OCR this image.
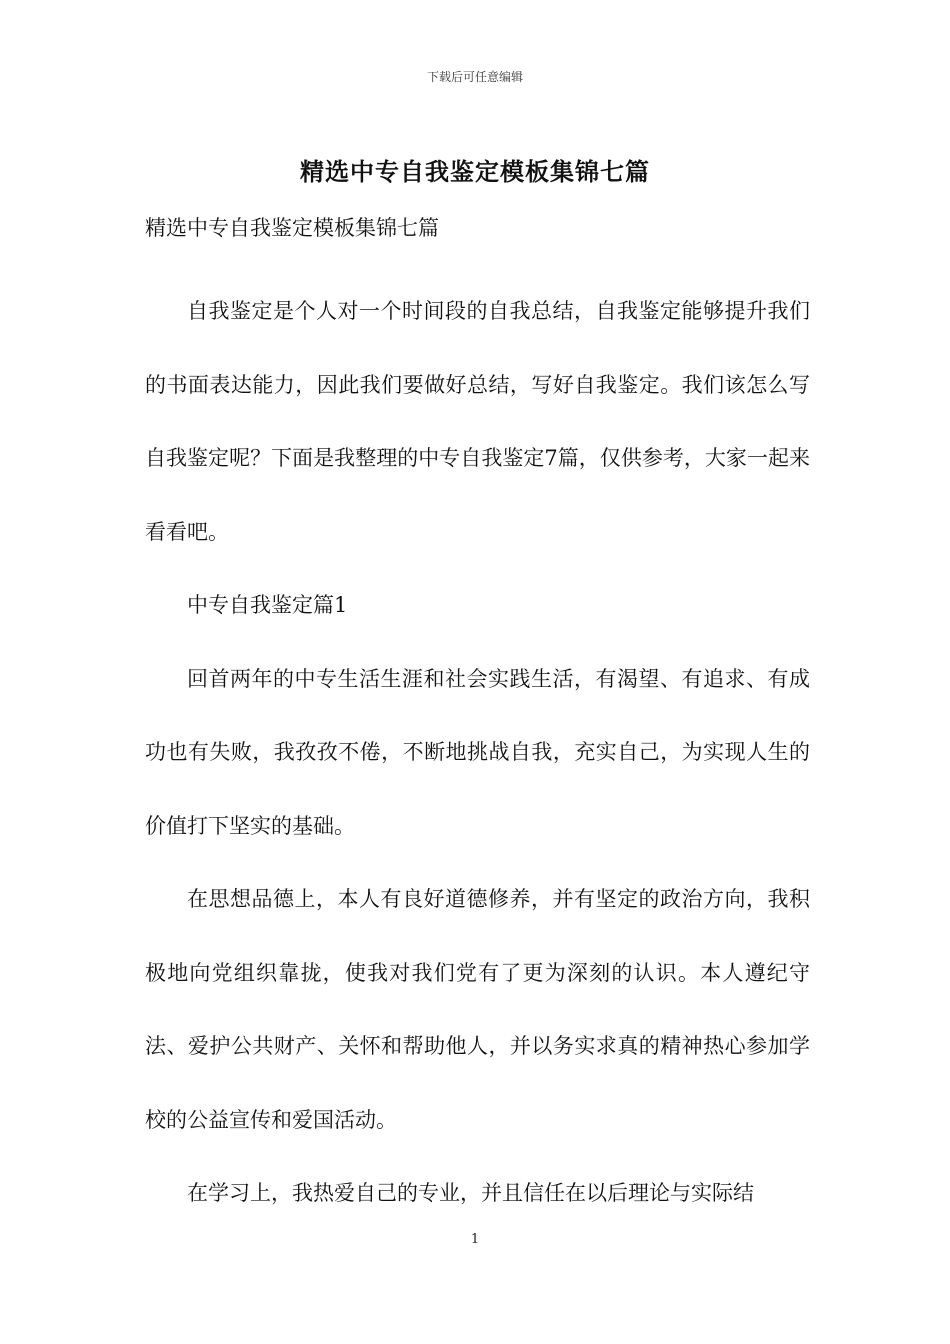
下载后可任意编辑
精选中专自我鉴定模板集锦七篇
精选中专自我鉴定模板集锦七篇

自我鉴定是个人对一个时间段的自我总结，自我鉴定能够提升我们的书面表达能力，因此我们要做好总结，写好自我鉴定。我们该怎么写自我鉴定呢？下面是我整理的中专自我鉴定7篇，仅供参考，大家一起来看看吧。

中专自我鉴定篇1

回首两年的中专生活生涯和社会实践生活，有渴望、有追求、有成功也有失败，我孜孜不倦，不断地挑战自我，充实自己，为实现人生的价值打下坚实的基础。

在思想品德上，本人有良好道德修养，并有坚定的政治方向，我积极地向党组织靠拢，使我对我们党有了更为深刻的认识。本人遵纪守法、爱护公共财产、关怀和帮助他人，并以务实求真的精神热心参加学校的公益宣传和爱国活动。

在学习上，我热爱自己的专业，并且信任在以后理论与实际结

1
